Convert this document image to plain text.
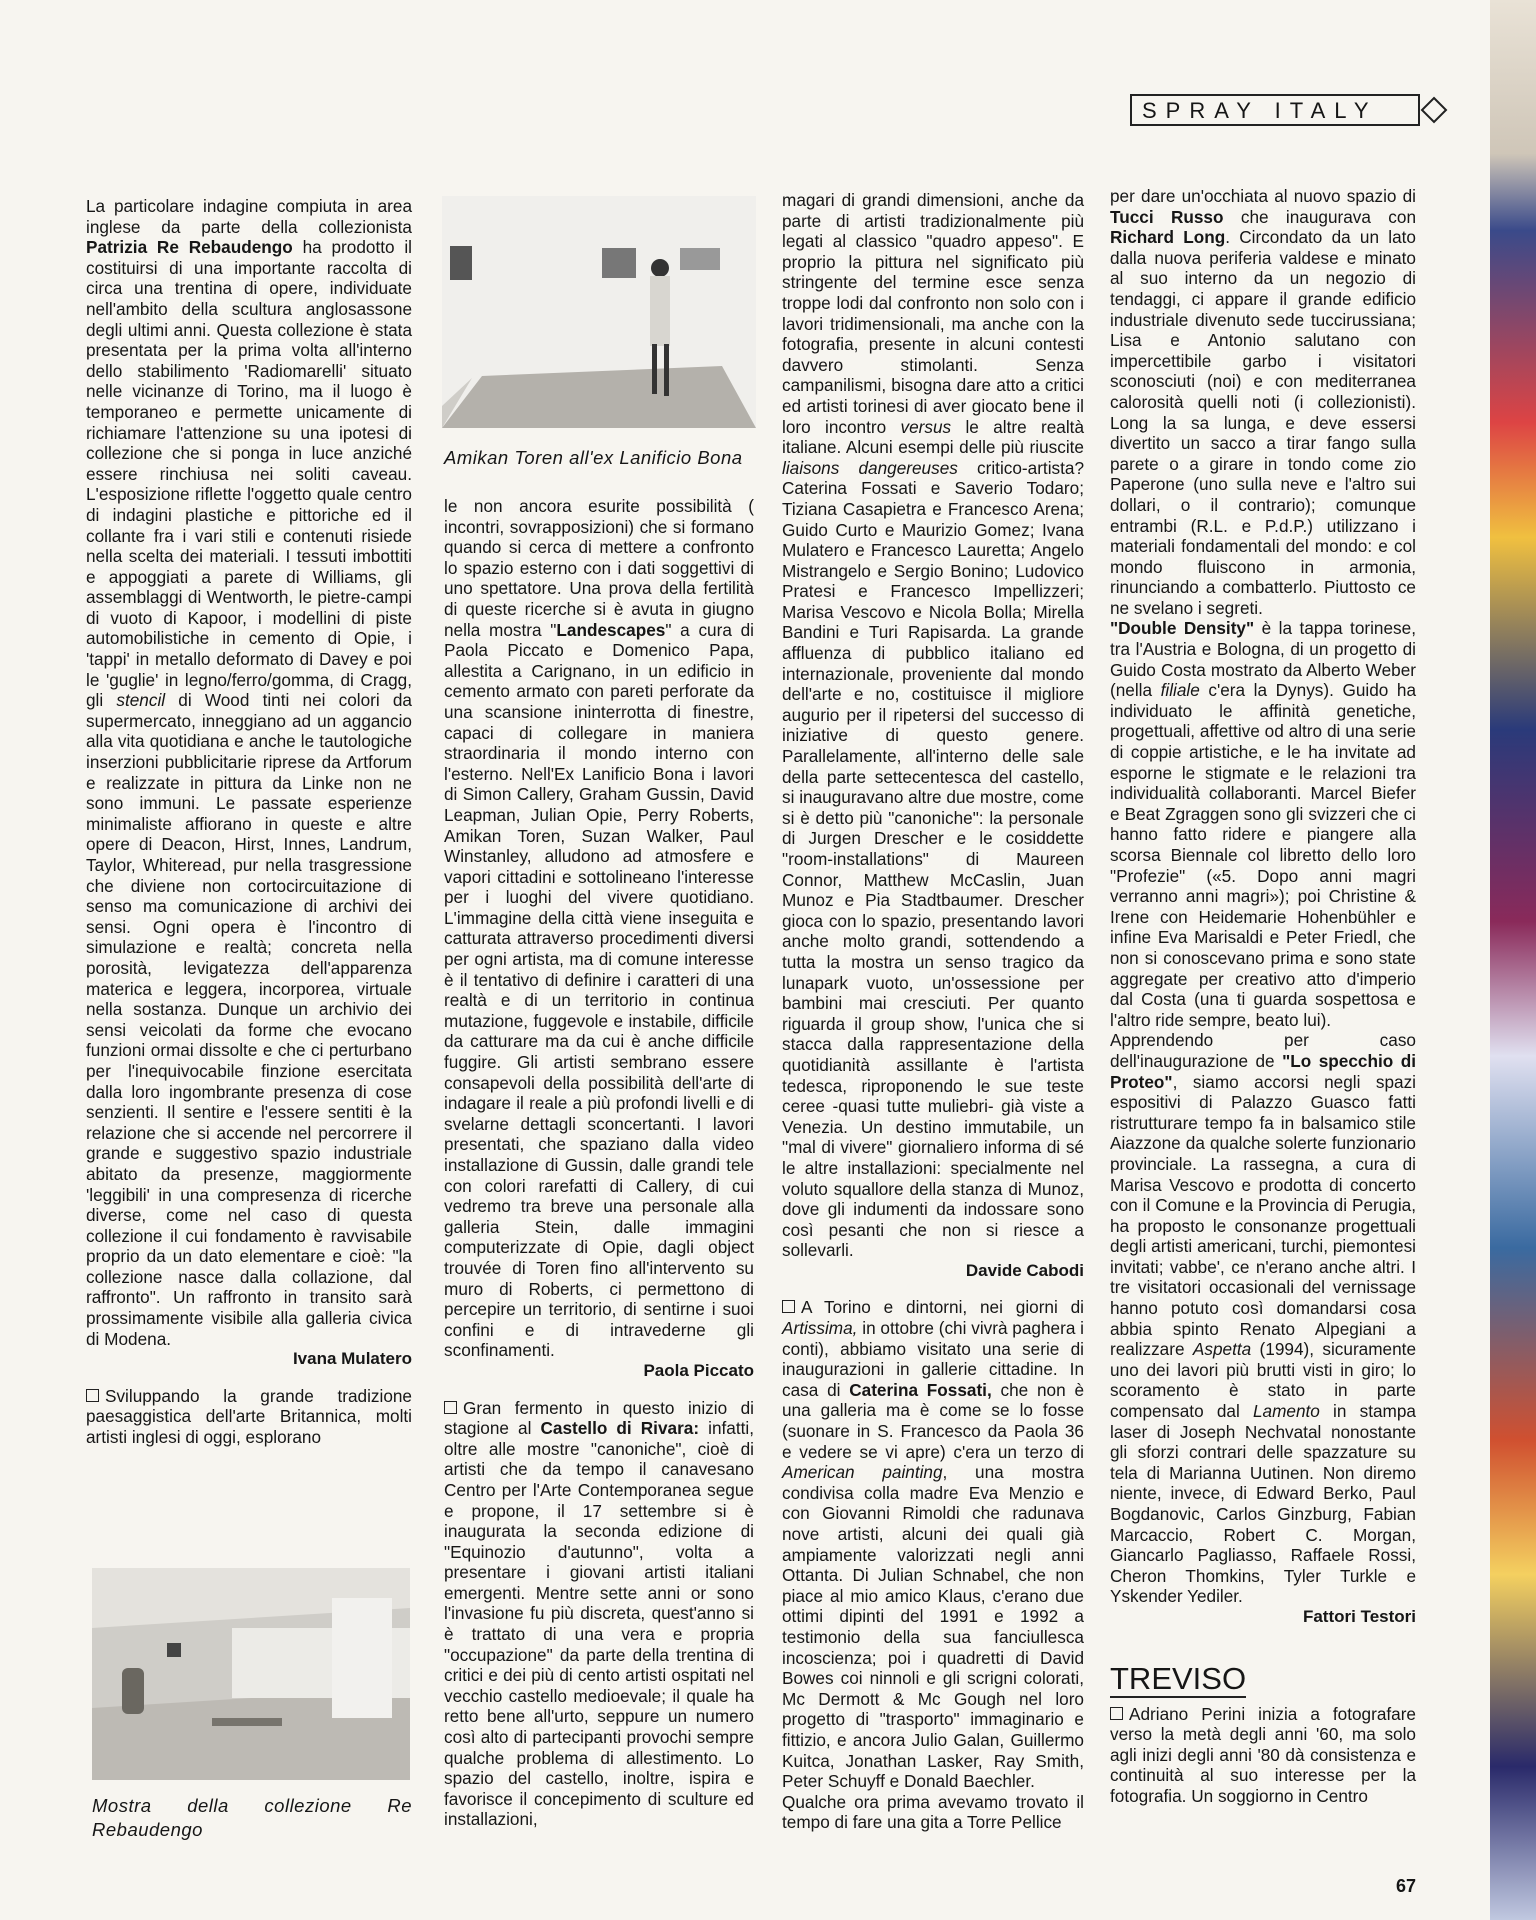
SPRAY ITALY

La particolare indagine compiuta in area inglese da parte della collezionista Patrizia Re Rebaudengo ha prodotto il costituirsi di una importante raccolta di circa una trentina di opere, individuate nell'ambito della scultura anglosassone degli ultimi anni. Questa collezione è stata presentata per la prima volta all'interno dello stabilimento 'Radiomarelli' situato nelle vicinanze di Torino, ma il luogo è temporaneo e permette unicamente di richiamare l'attenzione su una ipotesi di collezione che si ponga in luce anziché essere rinchiusa nei soliti caveau. L'esposizione riflette l'oggetto quale centro di indagini plastiche e pittoriche ed il collante fra i vari stili e contenuti risiede nella scelta dei materiali. I tessuti imbottiti e appoggiati a parete di Williams, gli assemblaggi di Wentworth, le pietre-campi di vuoto di Kapoor, i modellini di piste automobilistiche in cemento di Opie, i 'tappi' in metallo deformato di Davey e poi le 'guglie' in legno/ferro/gomma, di Cragg, gli stencil di Wood tinti nei colori da supermercato, inneggiano ad un aggancio alla vita quotidiana e anche le tautologiche inserzioni pubblicitarie riprese da Artforum e realizzate in pittura da Linke non ne sono immuni. Le passate esperienze minimaliste affiorano in queste e altre opere di Deacon, Hirst, Innes, Landrum, Taylor, Whiteread, pur nella trasgressione che diviene non cortocircuitazione di senso ma comunicazione di archivi dei sensi. Ogni opera è l'incontro di simulazione e realtà; concreta nella porosità, levigatezza dell'apparenza materica e leggera, incorporea, virtuale nella sostanza. Dunque un archivio dei sensi veicolati da forme che evocano funzioni ormai dissolte e che ci perturbano per l'inequivocabile finzione esercitata dalla loro ingombrante presenza di cose senzienti. Il sentire e l'essere sentiti è la relazione che si accende nel percorrere il grande e suggestivo spazio industriale abitato da presenze, maggiormente 'leggibili' in una compresenza di ricerche diverse, come nel caso di questa collezione il cui fondamento è ravvisabile proprio da un dato elementare e cioè: "la collezione nasce dalla collazione, dal raffronto". Un raffronto in transito sarà prossimamente visibile alla galleria civica di Modena.

Ivana Mulatero

Sviluppando la grande tradizione paesaggistica dell'arte Britannica, molti artisti inglesi di oggi, esplorano

Mostra della collezione Re Rebaudengo
Amikan Toren all'ex Lanificio Bona

le non ancora esurite possibilità ( incontri, sovrapposizioni) che si formano quando si cerca di mettere a confronto lo spazio esterno con i dati soggettivi di uno spettatore. Una prova della fertilità di queste ricerche si è avuta in giugno nella mostra "Landescapes" a cura di Paola Piccato e Domenico Papa, allestita a Carignano, in un edificio in cemento armato con pareti perforate da una scansione ininterrotta di finestre, capaci di collegare in maniera straordinaria il mondo interno con l'esterno. Nell'Ex Lanificio Bona i lavori di Simon Callery, Graham Gussin, David Leapman, Julian Opie, Perry Roberts, Amikan Toren, Suzan Walker, Paul Winstanley, alludono ad atmosfere e vapori cittadini e sottolineano l'interesse per i luoghi del vivere quotidiano. L'immagine della città viene inseguita e catturata attraverso procedimenti diversi per ogni artista, ma di comune interesse è il tentativo di definire i caratteri di una realtà e di un territorio in continua mutazione, fuggevole e instabile, difficile da catturare ma da cui è anche difficile fuggire. Gli artisti sembrano essere consapevoli della possibilità dell'arte di indagare il reale a più profondi livelli e di svelarne dettagli sconcertanti. I lavori presentati, che spaziano dalla video installazione di Gussin, dalle grandi tele con colori rarefatti di Callery, di cui vedremo tra breve una personale alla galleria Stein, dalle immagini computerizzate di Opie, dagli object trouvée di Toren fino all'intervento su muro di Roberts, ci permettono di percepire un territorio, di sentirne i suoi confini e di intravederne gli sconfinamenti.

Paola Piccato

Gran fermento in questo inizio di stagione al Castello di Rivara: infatti, oltre alle mostre "canoniche", cioè di artisti che da tempo il canavesano Centro per l'Arte Contemporanea segue e propone, il 17 settembre si è inaugurata la seconda edizione di "Equinozio d'autunno", volta a presentare i giovani artisti italiani emergenti. Mentre sette anni or sono l'invasione fu più discreta, quest'anno si è trattato di una vera e propria "occupazione" da parte della trentina di critici e dei più di cento artisti ospitati nel vecchio castello medioevale; il quale ha retto bene all'urto, seppure un numero così alto di partecipanti provochi sempre qualche problema di allestimento. Lo spazio del castello, inoltre, ispira e favorisce il concepimento di sculture ed installazioni,

magari di grandi dimensioni, anche da parte di artisti tradizionalmente più legati al classico "quadro appeso". E proprio la pittura nel significato più stringente del termine esce senza troppe lodi dal confronto non solo con i lavori tridimensionali, ma anche con la fotografia, presente in alcuni contesti davvero stimolanti. Senza campanilismi, bisogna dare atto a critici ed artisti torinesi di aver giocato bene il loro incontro versus le altre realtà italiane. Alcuni esempi delle più riuscite liaisons dangereuses critico-artista? Caterina Fossati e Saverio Todaro; Tiziana Casapietra e Francesco Arena; Guido Curto e Maurizio Gomez; Ivana Mulatero e Francesco Lauretta; Angelo Mistrangelo e Sergio Bonino; Ludovico Pratesi e Francesco Impellizzeri; Marisa Vescovo e Nicola Bolla; Mirella Bandini e Turi Rapisarda. La grande affluenza di pubblico italiano ed internazionale, proveniente dal mondo dell'arte e no, costituisce il migliore augurio per il ripetersi del successo di iniziative di questo genere. Parallelamente, all'interno delle sale della parte settecentesca del castello, si inauguravano altre due mostre, come si è detto più "canoniche": la personale di Jurgen Drescher e le cosiddette "room-installations" di Maureen Connor, Matthew McCaslin, Juan Munoz e Pia Stadtbaumer. Drescher gioca con lo spazio, presentando lavori anche molto grandi, sottendendo a tutta la mostra un senso tragico da lunapark vuoto, un'ossessione per bambini mai cresciuti. Per quanto riguarda il group show, l'unica che si stacca dalla rappresentazione della quotidianità assillante è l'artista tedesca, riproponendo le sue teste ceree -quasi tutte muliebri- già viste a Venezia. Un destino immutabile, un "mal di vivere" giornaliero informa di sé le altre installazioni: specialmente nel voluto squallore della stanza di Munoz, dove gli indumenti da indossare sono così pesanti che non si riesce a sollevarli.

Davide Cabodi

A Torino e dintorni, nei giorni di Artissima, in ottobre (chi vivrà paghera i conti), abbiamo visitato una serie di inaugurazioni in gallerie cittadine. In casa di Caterina Fossati, che non è una galleria ma è come se lo fosse (suonare in S. Francesco da Paola 36 e vedere se vi apre) c'era un terzo di American painting, una mostra condivisa colla madre Eva Menzio e con Giovanni Rimoldi che radunava nove artisti, alcuni dei quali già ampiamente valorizzati negli anni Ottanta. Di Julian Schnabel, che non piace al mio amico Klaus, c'erano due ottimi dipinti del 1991 e 1992 a testimonio della sua fanciullesca incoscienza; poi i quadretti di David Bowes coi ninnoli e gli scrigni colorati, Mc Dermott & Mc Gough nel loro progetto di "trasporto" immaginario e fittizio, e ancora Julio Galan, Guillermo Kuitca, Jonathan Lasker, Ray Smith, Peter Schuyff e Donald Baechler.

Qualche ora prima avevamo trovato il tempo di fare una gita a Torre Pellice

per dare un'occhiata al nuovo spazio di Tucci Russo che inaugurava con Richard Long. Circondato da un lato dalla nuova periferia valdese e minato al suo interno da un negozio di tendaggi, ci appare il grande edificio industriale divenuto sede tuccirussiana; Lisa e Antonio salutano con impercettibile garbo i visitatori sconosciuti (noi) e con mediterranea calorosità quelli noti (i collezionisti). Long la sa lunga, e deve essersi divertito un sacco a tirar fango sulla parete o a girare in tondo come zio Paperone (uno sulla neve e l'altro sui dollari, o il contrario); comunque entrambi (R.L. e P.d.P.) utilizzano i materiali fondamentali del mondo: e col mondo fluiscono in armonia, rinunciando a combatterlo. Piuttosto ce ne svelano i segreti.

"Double Density" è la tappa torinese, tra l'Austria e Bologna, di un progetto di Guido Costa mostrato da Alberto Weber (nella filiale c'era la Dynys). Guido ha individuato le affinità genetiche, progettuali, affettive od altro di una serie di coppie artistiche, e le ha invitate ad esporne le stigmate e le relazioni tra individualità collaboranti. Marcel Biefer e Beat Zgraggen sono gli svizzeri che ci hanno fatto ridere e piangere alla scorsa Biennale col libretto dello loro "Profezie" («5. Dopo anni magri verranno anni magri»); poi Christine & Irene con Heidemarie Hohenbühler e infine Eva Marisaldi e Peter Friedl, che non si conoscevano prima e sono state aggregate per creativo atto d'imperio dal Costa (una ti guarda sospettosa e l'altro ride sempre, beato lui).

Apprendendo per caso dell'inaugurazione de "Lo specchio di Proteo", siamo accorsi negli spazi espositivi di Palazzo Guasco fatti ristrutturare tempo fa in balsamico stile Aiazzone da qualche solerte funzionario provinciale. La rassegna, a cura di Marisa Vescovo e prodotta di concerto con il Comune e la Provincia di Perugia, ha proposto le consonanze progettuali degli artisti americani, turchi, piemontesi invitati; vabbe', ce n'erano anche altri. I tre visitatori occasionali del vernissage hanno potuto così domandarsi cosa abbia spinto Renato Alpegiani a realizzare Aspetta (1994), sicuramente uno dei lavori più brutti visti in giro; lo scoramento è stato in parte compensato dal Lamento in stampa laser di Joseph Nechvatal nonostante gli sforzi contrari delle spazzature su tela di Marianna Uutinen. Non diremo niente, invece, di Edward Berko, Paul Bogdanovic, Carlos Ginzburg, Fabian Marcaccio, Robert C. Morgan, Giancarlo Pagliasso, Raffaele Rossi, Cheron Thomkins, Tyler Turkle e Yskender Yediler.

Fattori Testori

TREVISO

Adriano Perini inizia a fotografare verso la metà degli anni '60, ma solo agli inizi degli anni '80 dà consistenza e continuità al suo interesse per la fotografia. Un soggiorno in Centro

67
